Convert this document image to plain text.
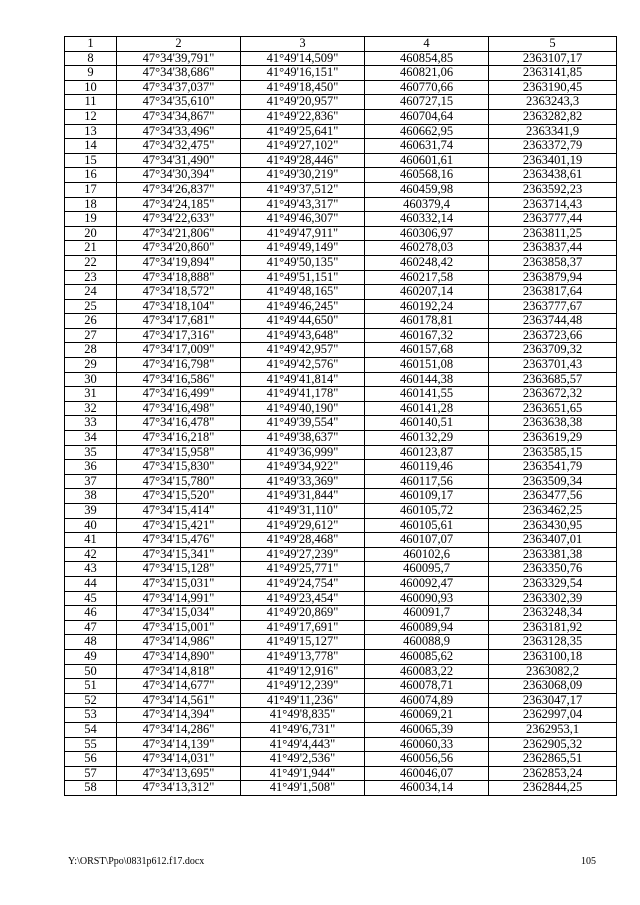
1	2	3	4	5
8	47°34'39,791"	41°49'14,509"	460854,85	2363107,17
9	47°34'38,686"	41°49'16,151"	460821,06	2363141,85
10	47°34'37,037"	41°49'18,450"	460770,66	2363190,45
11	47°34'35,610"	41°49'20,957"	460727,15	2363243,3
12	47°34'34,867"	41°49'22,836"	460704,64	2363282,82
13	47°34'33,496"	41°49'25,641"	460662,95	2363341,9
14	47°34'32,475"	41°49'27,102"	460631,74	2363372,79
15	47°34'31,490"	41°49'28,446"	460601,61	2363401,19
16	47°34'30,394"	41°49'30,219"	460568,16	2363438,61
17	47°34'26,837"	41°49'37,512"	460459,98	2363592,23
18	47°34'24,185"	41°49'43,317"	460379,4	2363714,43
19	47°34'22,633"	41°49'46,307"	460332,14	2363777,44
20	47°34'21,806"	41°49'47,911"	460306,97	2363811,25
21	47°34'20,860"	41°49'49,149"	460278,03	2363837,44
22	47°34'19,894"	41°49'50,135"	460248,42	2363858,37
23	47°34'18,888"	41°49'51,151"	460217,58	2363879,94
24	47°34'18,572"	41°49'48,165"	460207,14	2363817,64
25	47°34'18,104"	41°49'46,245"	460192,24	2363777,67
26	47°34'17,681"	41°49'44,650"	460178,81	2363744,48
27	47°34'17,316"	41°49'43,648"	460167,32	2363723,66
28	47°34'17,009"	41°49'42,957"	460157,68	2363709,32
29	47°34'16,798"	41°49'42,576"	460151,08	2363701,43
30	47°34'16,586"	41°49'41,814"	460144,38	2363685,57
31	47°34'16,499"	41°49'41,178"	460141,55	2363672,32
32	47°34'16,498"	41°49'40,190"	460141,28	2363651,65
33	47°34'16,478"	41°49'39,554"	460140,51	2363638,38
34	47°34'16,218"	41°49'38,637"	460132,29	2363619,29
35	47°34'15,958"	41°49'36,999"	460123,87	2363585,15
36	47°34'15,830"	41°49'34,922"	460119,46	2363541,79
37	47°34'15,780"	41°49'33,369"	460117,56	2363509,34
38	47°34'15,520"	41°49'31,844"	460109,17	2363477,56
39	47°34'15,414"	41°49'31,110"	460105,72	2363462,25
40	47°34'15,421"	41°49'29,612"	460105,61	2363430,95
41	47°34'15,476"	41°49'28,468"	460107,07	2363407,01
42	47°34'15,341"	41°49'27,239"	460102,6	2363381,38
43	47°34'15,128"	41°49'25,771"	460095,7	2363350,76
44	47°34'15,031"	41°49'24,754"	460092,47	2363329,54
45	47°34'14,991"	41°49'23,454"	460090,93	2363302,39
46	47°34'15,034"	41°49'20,869"	460091,7	2363248,34
47	47°34'15,001"	41°49'17,691"	460089,94	2363181,92
48	47°34'14,986"	41°49'15,127"	460088,9	2363128,35
49	47°34'14,890"	41°49'13,778"	460085,62	2363100,18
50	47°34'14,818"	41°49'12,916"	460083,22	2363082,2
51	47°34'14,677"	41°49'12,239"	460078,71	2363068,09
52	47°34'14,561"	41°49'11,236"	460074,89	2363047,17
53	47°34'14,394"	41°49'8,835"	460069,21	2362997,04
54	47°34'14,286"	41°49'6,731"	460065,39	2362953,1
55	47°34'14,139"	41°49'4,443"	460060,33	2362905,32
56	47°34'14,031"	41°49'2,536"	460056,56	2362865,51
57	47°34'13,695"	41°49'1,944"	460046,07	2362853,24
58	47°34'13,312"	41°49'1,508"	460034,14	2362844,25
Y:\ORST\Ppo\0831p612.f17.docx	105
